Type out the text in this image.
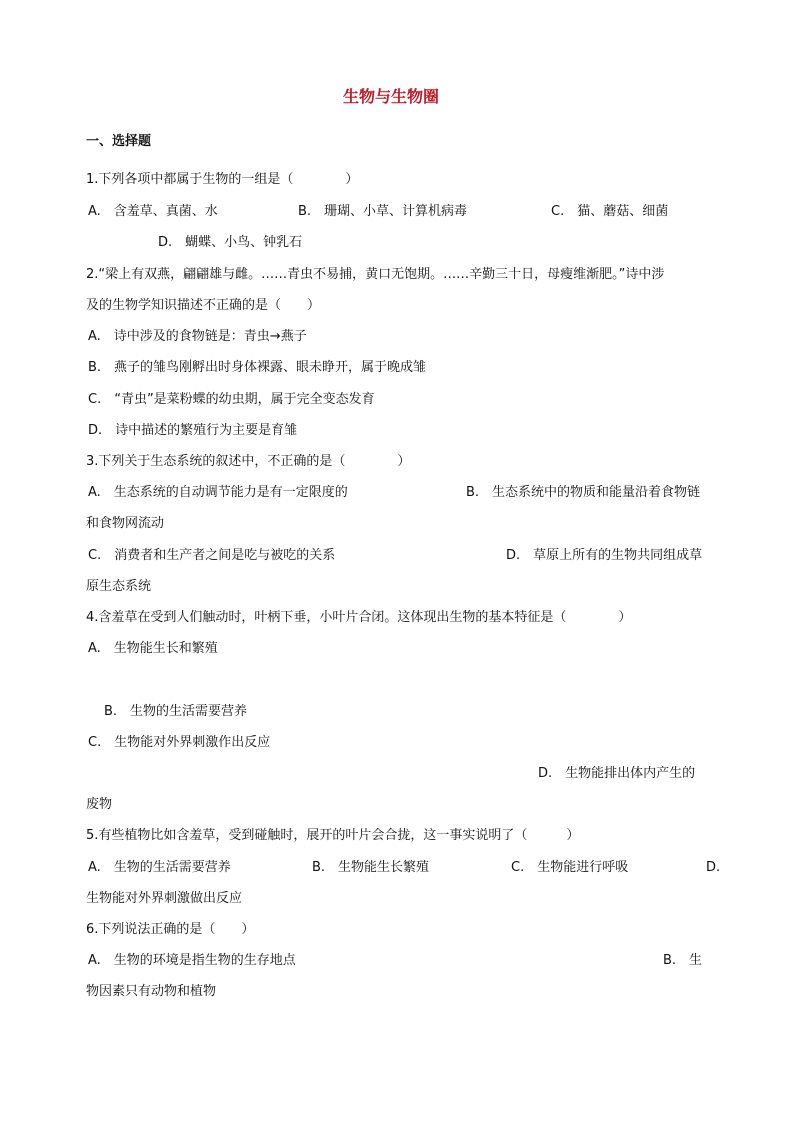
生物与生物圈
一、选择题
1.下列各项中都属于生物的一组是（　　　　）
A.　含羞草、真菌、水	B.　珊瑚、小草、计算机病毒	C.　猫、蘑菇、细菌
D.　蝴蝶、小鸟、钟乳石
2.“梁上有双燕，翩翩雄与雌。……青虫不易捕，黄口无饱期。……辛勤三十日，母瘦维渐肥。”诗中涉
及的生物学知识描述不正确的是（　　）
A.　诗中涉及的食物链是：青虫→燕子
B.　燕子的雏鸟刚孵出时身体裸露、眼未睁开，属于晚成雏
C.　“青虫”是菜粉蝶的幼虫期，属于完全变态发育
D.　诗中描述的繁殖行为主要是育雏
3.下列关于生态系统的叙述中，不正确的是（　　　　）
A.　生态系统的自动调节能力是有一定限度的	B.　生态系统中的物质和能量沿着食物链
和食物网流动
C.　消费者和生产者之间是吃与被吃的关系	D.　草原上所有的生物共同组成草
原生态系统
4.含羞草在受到人们触动时，叶柄下垂，小叶片合闭。这体现出生物的基本特征是（　　　　）
A.　生物能生长和繁殖
B.　生物的生活需要营养
C.　生物能对外界刺激作出反应
D.　生物能排出体内产生的
废物
5.有些植物比如含羞草，受到碰触时，展开的叶片会合拢，这一事实说明了（　　　）
A.　生物的生活需要营养	B.　生物能生长繁殖	C.　生物能进行呼吸	D.
生物能对外界刺激做出反应
6.下列说法正确的是（　　）
A.　生物的环境是指生物的生存地点	B.　生
物因素只有动物和植物
